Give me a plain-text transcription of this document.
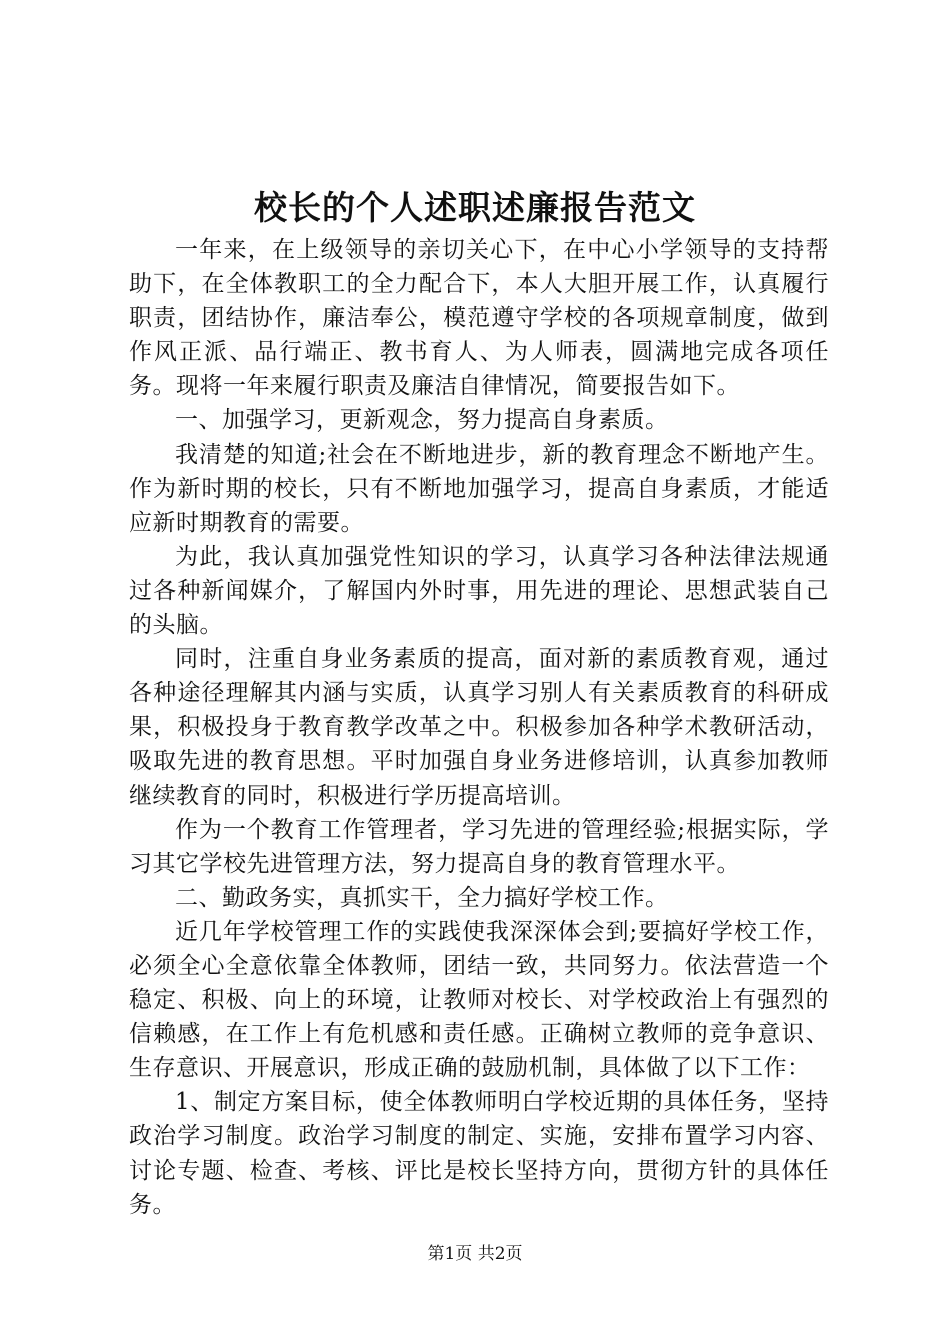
校长的个人述职述廉报告范文

一年来，在上级领导的亲切关心下，在中心小学领导的支持帮助下，在全体教职工的全力配合下，本人大胆开展工作，认真履行职责，团结协作，廉洁奉公，模范遵守学校的各项规章制度，做到作风正派、品行端正、教书育人、为人师表，圆满地完成各项任务。现将一年来履行职责及廉洁自律情况，简要报告如下。

一、加强学习，更新观念，努力提高自身素质。

我清楚的知道;社会在不断地进步，新的教育理念不断地产生。作为新时期的校长，只有不断地加强学习，提高自身素质，才能适应新时期教育的需要。

为此，我认真加强党性知识的学习，认真学习各种法律法规通过各种新闻媒介，了解国内外时事，用先进的理论、思想武装自己的头脑。

同时，注重自身业务素质的提高，面对新的素质教育观，通过各种途径理解其内涵与实质，认真学习别人有关素质教育的科研成果，积极投身于教育教学改革之中。积极参加各种学术教研活动，吸取先进的教育思想。平时加强自身业务进修培训，认真参加教师继续教育的同时，积极进行学历提高培训。

作为一个教育工作管理者，学习先进的管理经验;根据实际，学习其它学校先进管理方法，努力提高自身的教育管理水平。

二、勤政务实，真抓实干，全力搞好学校工作。

近几年学校管理工作的实践使我深深体会到;要搞好学校工作，必须全心全意依靠全体教师，团结一致，共同努力。依法营造一个稳定、积极、向上的环境，让教师对校长、对学校政治上有强烈的信赖感，在工作上有危机感和责任感。正确树立教师的竞争意识、生存意识、开展意识，形成正确的鼓励机制，具体做了以下工作：

1、制定方案目标，使全体教师明白学校近期的具体任务，坚持政治学习制度。政治学习制度的制定、实施，安排布置学习内容、讨论专题、检查、考核、评比是校长坚持方向，贯彻方针的具体任务。

第1页 共2页
